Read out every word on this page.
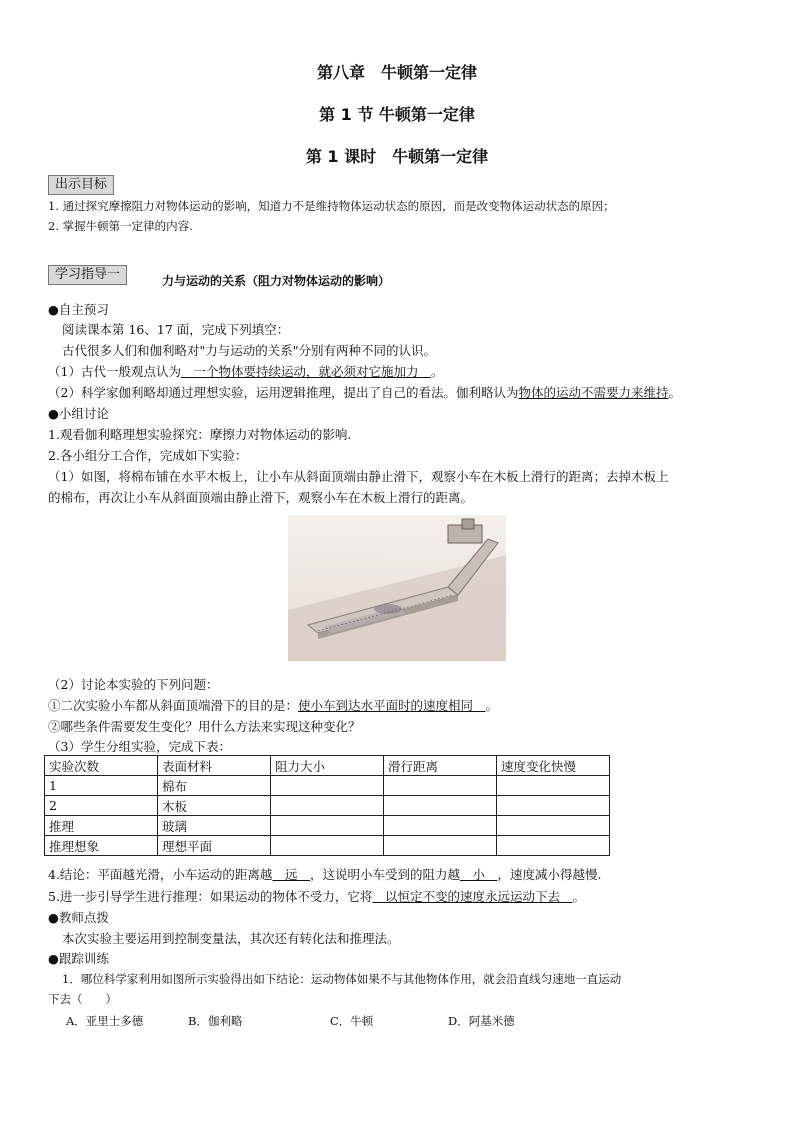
第八章　牛顿第一定律
第 1 节 牛顿第一定律
第 1 课时　牛顿第一定律
出示目标
1. 通过探究摩擦阻力对物体运动的影响，知道力不是维持物体运动状态的原因，而是改变物体运动状态的原因；
2. 掌握牛顿第一定律的内容.
学习指导一	力与运动的关系（阻力对物体运动的影响）
●自主预习
阅读课本第 16、17 面，完成下列填空：
古代很多人们和伽利略对"力与运动的关系"分别有两种不同的认识。
（1）古代一般观点认为　一个物体要持续运动，就必须对它施加力　。
（2）科学家伽利略却通过理想实验，运用逻辑推理，提出了自己的看法。伽利略认为物体的运动不需要力来维持。
●小组讨论
1.观看伽利略理想实验探究：摩擦力对物体运动的影响.
2.各小组分工合作，完成如下实验：
（1）如图，将棉布铺在水平木板上，让小车从斜面顶端由静止滑下，观察小车在木板上滑行的距离；去掉木板上
的棉布，再次让小车从斜面顶端由静止滑下，观察小车在木板上滑行的距离。
（2）讨论本实验的下列问题：
①二次实验小车都从斜面顶端滑下的目的是：使小车到达水平面时的速度相同　。
②哪些条件需要发生变化？用什么方法来实现这种变化？
（3）学生分组实验，完成下表：
实验次数	表面材料	阻力大小	滑行距离	速度变化快慢
1	棉布			
2	木板			
推理	玻璃			
推理想象	理想平面			
4.结论：平面越光滑，小车运动的距离越　远　，这说明小车受到的阻力越　小　，速度减小得越慢.
5.进一步引导学生进行推理：如果运动的物体不受力，它将　以恒定不变的速度永远运动下去　。
●教师点拨
本次实验主要运用到控制变量法，其次还有转化法和推理法。
●跟踪训练
1．哪位科学家利用如图所示实验得出如下结论：运动物体如果不与其他物体作用，就会沿直线匀速地一直运动
下去（　　）
A．亚里士多德	B．伽利略	C．牛顿	D．阿基米德
